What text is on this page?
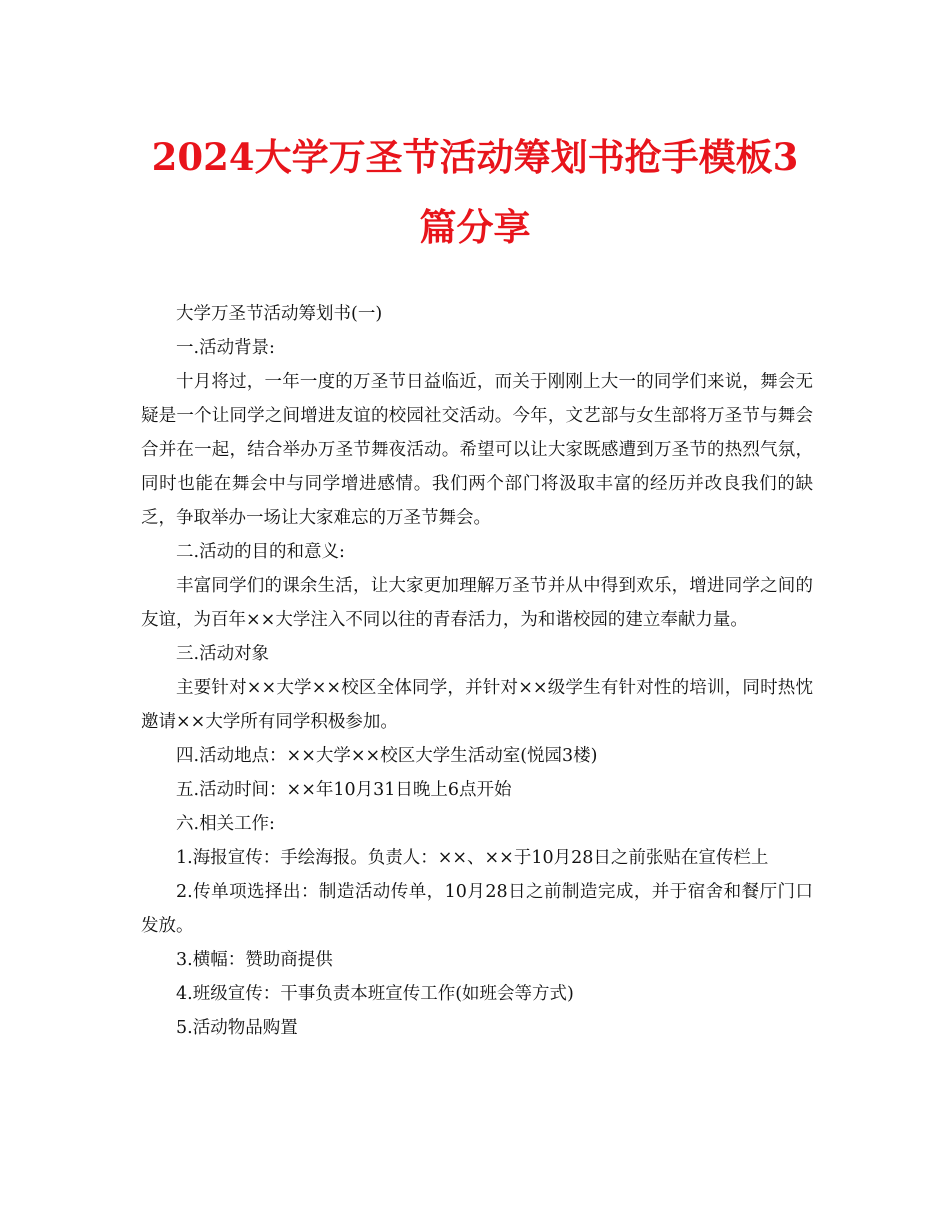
2024大学万圣节活动筹划书抢手模板3
篇分享

大学万圣节活动筹划书(一)

一.活动背景:

十月将过，一年一度的万圣节日益临近，而关于刚刚上大一的同学们来说，舞会无疑是一个让同学之间增进友谊的校园社交活动。今年，文艺部与女生部将万圣节与舞会合并在一起，结合举办万圣节舞夜活动。希望可以让大家既感遭到万圣节的热烈气氛，同时也能在舞会中与同学增进感情。我们两个部门将汲取丰富的经历并改良我们的缺乏，争取举办一场让大家难忘的万圣节舞会。

二.活动的目的和意义:

丰富同学们的课余生活，让大家更加理解万圣节并从中得到欢乐，增进同学之间的友谊，为百年××大学注入不同以往的青春活力，为和谐校园的建立奉献力量。

三.活动对象

主要针对××大学××校区全体同学，并针对××级学生有针对性的培训，同时热忱邀请××大学所有同学积极参加。

四.活动地点：××大学××校区大学生活动室(悦园3楼)

五.活动时间：××年10月31日晚上6点开始

六.相关工作:

1.海报宣传：手绘海报。负责人：××、××于10月28日之前张贴在宣传栏上

2.传单项选择出：制造活动传单，10月28日之前制造完成，并于宿舍和餐厅门口发放。

3.横幅：赞助商提供

4.班级宣传：干事负责本班宣传工作(如班会等方式)

5.活动物品购置
